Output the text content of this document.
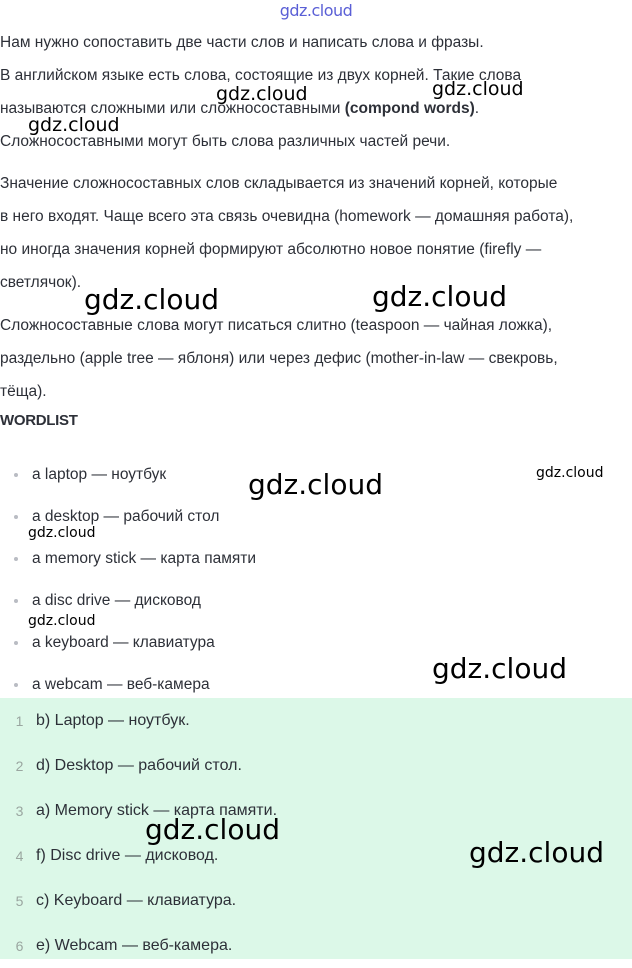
gdz.cloud
Нам нужно сопоставить две части слов и написать слова и фразы.
В английском языке есть слова, состоящие из двух корней. Такие слова
называются сложными или сложносоставными (compond words).
Сложносоставными могут быть слова различных частей речи.
Значение сложносоставных слов складывается из значений корней, которые
в него входят. Чаще всего эта связь очевидна (homework — домашняя работа),
но иногда значения корней формируют абсолютно новое понятие (firefly —
светлячок).
Сложносоставные слова могут писаться слитно (teaspoon — чайная ложка),
раздельно (apple tree — яблоня) или через дефис (mother-in-law — свекровь,
тёща).
WORDLIST
a laptop — ноутбук
a desktop — рабочий стол
a memory stick — карта памяти
a disc drive — дисковод
a keyboard — клавиатура
a webcam — веб-камера
1 b) Laptop — ноутбук.
2 d) Desktop — рабочий стол.
3 a) Memory stick — карта памяти.
4 f) Disc drive — дисковод.
5 c) Keyboard — клавиатура.
6 e) Webcam — веб-камера.
gdz.cloud	gdz.cloud
gdz.cloud
gdz.cloud	gdz.cloud
gdz.cloud	gdz.cloud
gdz.cloud
gdz.cloud
gdz.cloud
gdz.cloud
gdz.cloud
